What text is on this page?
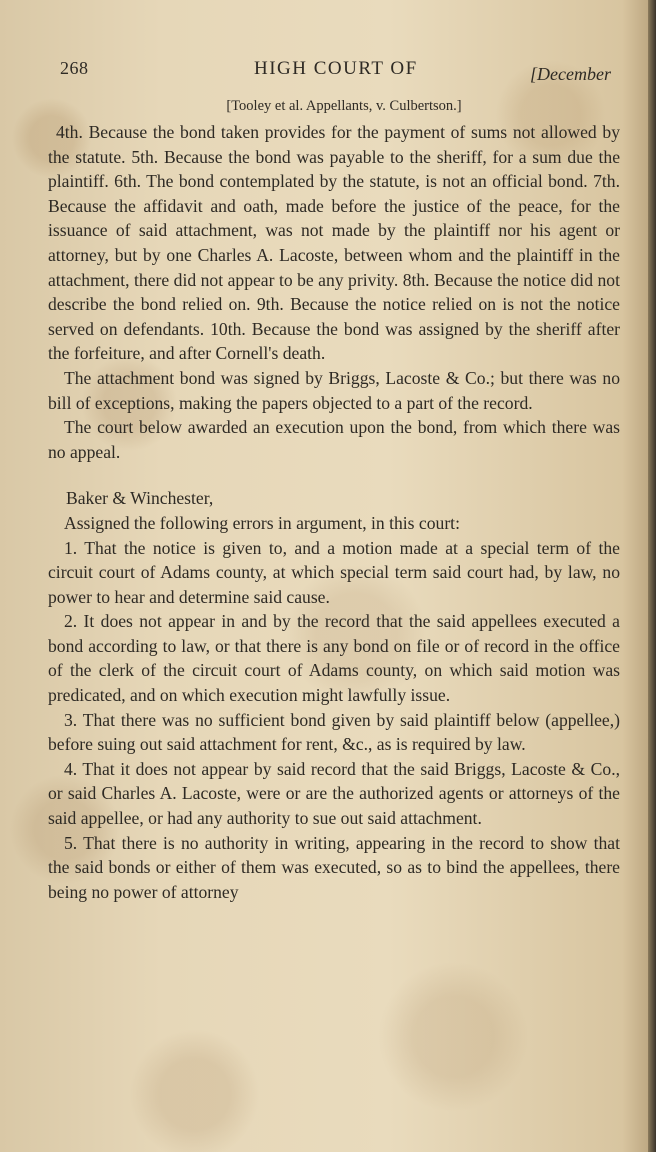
268	HIGH COURT OF	[December
[Tooley et al. Appellants, v. Culbertson.]

4th. Because the bond taken provides for the payment of sums not allowed by the statute. 5th. Because the bond was payable to the sheriff, for a sum due the plaintiff. 6th. The bond contemplated by the statute, is not an official bond. 7th. Because the affidavit and oath, made before the justice of the peace, for the issuance of said attachment, was not made by the plaintiff nor his agent or attorney, but by one Charles A. Lacoste, between whom and the plaintiff in the attachment, there did not appear to be any privity. 8th. Because the notice did not describe the bond relied on. 9th. Because the notice relied on is not the notice served on defendants. 10th. Because the bond was assigned by the sheriff after the forfeiture, and after Cornell's death.

The attachment bond was signed by Briggs, Lacoste & Co.; but there was no bill of exceptions, making the papers objected to a part of the record.

The court below awarded an execution upon the bond, from which there was no appeal.

Baker & Winchester,

Assigned the following errors in argument, in this court:

1. That the notice is given to, and a motion made at a special term of the circuit court of Adams county, at which special term said court had, by law, no power to hear and determine said cause.

2. It does not appear in and by the record that the said appellees executed a bond according to law, or that there is any bond on file or of record in the office of the clerk of the circuit court of Adams county, on which said motion was predicated, and on which execution might lawfully issue.

3. That there was no sufficient bond given by said plaintiff below (appellee,) before suing out said attachment for rent, &c., as is required by law.

4. That it does not appear by said record that the said Briggs, Lacoste & Co., or said Charles A. Lacoste, were or are the authorized agents or attorneys of the said appellee, or had any authority to sue out said attachment.

5. That there is no authority in writing, appearing in the record to show that the said bonds or either of them was executed, so as to bind the appellees, there being no power of attorney
